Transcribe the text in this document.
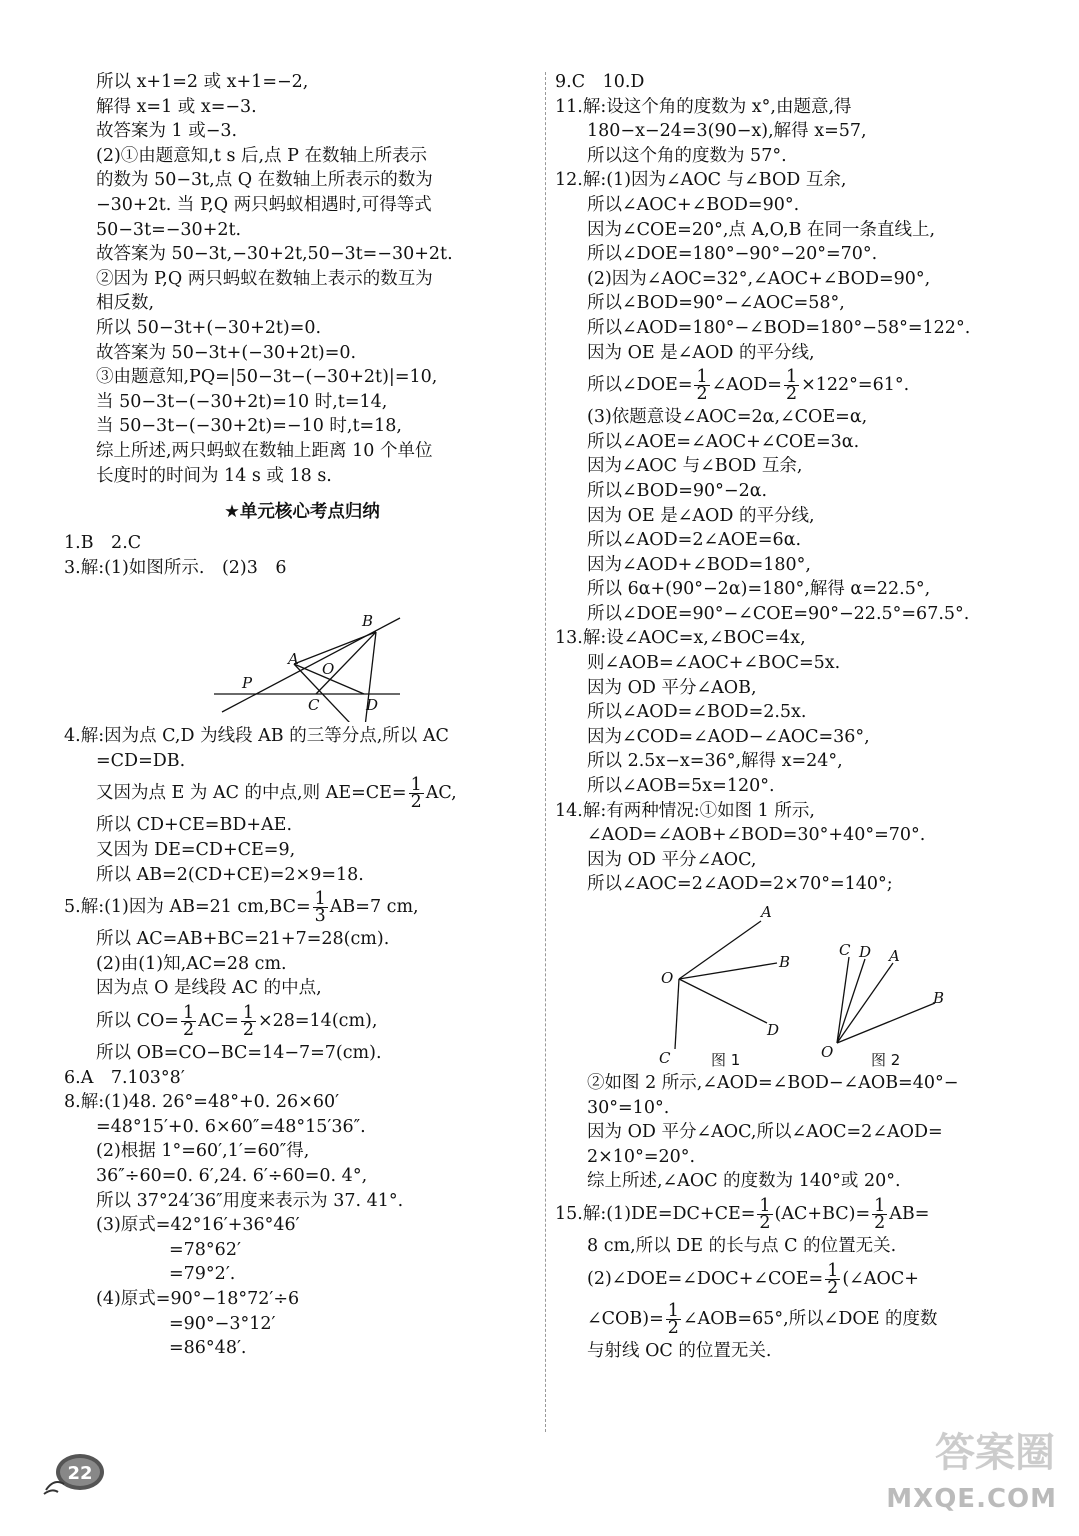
所以 x+1=2 或 x+1=−2,
解得 x=1 或 x=−3.
故答案为 1 或−3.
(2)①由题意知,t s 后,点 P 在数轴上所表示
的数为 50−3t,点 Q 在数轴上所表示的数为
−30+2t. 当 P,Q 两只蚂蚁相遇时,可得等式
50−3t=−30+2t.
故答案为 50−3t,−30+2t,50−3t=−30+2t.
②因为 P,Q 两只蚂蚁在数轴上表示的数互为
相反数,
所以 50−3t+(−30+2t)=0.
故答案为 50−3t+(−30+2t)=0.
③由题意知,PQ=|50−3t−(−30+2t)|=10,
当 50−3t−(−30+2t)=10 时,t=14,
当 50−3t−(−30+2t)=−10 时,t=18,
综上所述,两只蚂蚁在数轴上距离 10 个单位
长度时的时间为 14 s 或 18 s.
★单元核心考点归纳
1.B　2.C
3.解:(1)如图所示.　(2)3　6
B
A
O
P
C	D
4.解:因为点 C,D 为线段 AB 的三等分点,所以 AC
=CD=DB.
又因为点 E 为 AC 的中点,则 $AE=CE= \frac{1}{2}$ AC,
所以 CD+CE=BD+AE.
又因为 DE=CD+CE=9,
所以 AB=2(CD+CE)=2×9=18.
5.解:(1)因为 AB=21 $cm,BC= \frac{1}{3} AB=7$ cm,
所以 AC=AB+BC=21+7=28(cm).
(2)由(1)知,AC=28 cm.
因为点 O 是线段 AC 的中点,
所以 $CO= \frac{1}{2} AC= \frac{1}{2} \times 28=14(cm)$,
所以 OB=CO−BC=14−7=7(cm).
6.A　7.103°8′
8.解:(1)48. 26°=48°+0. 26×60′
=48°15′+0. 6×60″=48°15′36″.
(2)根据 1°=60′,1′=60″得,
36″÷60=0. 6′,24. 6′÷60=0. 4°,
所以 37°24′36″用度来表示为 37. 41°.
(3)原式=42°16′+36°46′
=78°62′
=79°2′.
(4)原式=90°−18°72′÷6
=90°−3°12′
=86°48′.
9.C　10.D
11.解:设这个角的度数为 x°,由题意,得
180−x−24=3(90−x),解得 x=57,
所以这个角的度数为 57°.
12.解:(1)因为∠AOC 与∠BOD 互余,
所以∠AOC+∠BOD=90°.
因为∠COE=20°,点 A,O,B 在同一条直线上,
所以∠DOE=180°−90°−20°=70°.
(2)因为∠AOC=32°,∠AOC+∠BOD=90°,
所以∠BOD=90°−∠AOC=58°,
所以∠AOD=180°−∠BOD=180°−58°=122°.
因为 OE 是∠AOD 的平分线,
所以∠DOE= $\frac{1}{2}$ ∠AOD= $\frac{1}{2} \times 122^\circ=61^\circ$.
(3)依题意设∠AOC=2α,∠COE=α,
所以∠AOE=∠AOC+∠COE=3α.
因为∠AOC 与∠BOD 互余,
所以∠BOD=90°−2α.
因为 OE 是∠AOD 的平分线,
所以∠AOD=2∠AOE=6α.
因为∠AOD+∠BOD=180°,
所以 6α+(90°−2α)=180°,解得 α=22.5°,
所以∠DOE=90°−∠COE=90°−22.5°=67.5°.
13.解:设∠AOC=x,∠BOC=4x,
则∠AOB=∠AOC+∠BOC=5x.
因为 OD 平分∠AOB,
所以∠AOD=∠BOD=2.5x.
因为∠COD=∠AOD−∠AOC=36°,
所以 2.5x−x=36°,解得 x=24°,
所以∠AOB=5x=120°.
14.解:有两种情况:①如图 1 所示,
∠AOD=∠AOB+∠BOD=30°+40°=70°.
因为 OD 平分∠AOC,
所以∠AOC=2∠AOD=2×70°=140°;
A
B
O
D
C
C D A
B
O
图 1	图 2
②如图 2 所示,∠AOD=∠BOD−∠AOB=40°−
30°=10°.
因为 OD 平分∠AOC,所以∠AOC=2∠AOD=
2×10°=20°.
综上所述,∠AOC 的度数为 140°或 20°.
15.解:(1)DE=DC+CE= $\frac{1}{2} (AC+BC)= \frac{1}{2} AB=$
8 cm,所以 DE 的长与点 C 的位置无关.
(2)∠DOE=∠DOC+∠COE= $\frac{1}{2}$ (∠AOC+
∠COB)= $\frac{1}{2}$ ∠AOB=65°,所以∠DOE 的度数
与射线 OC 的位置无关.
22	答案圈
MXQE.COM
